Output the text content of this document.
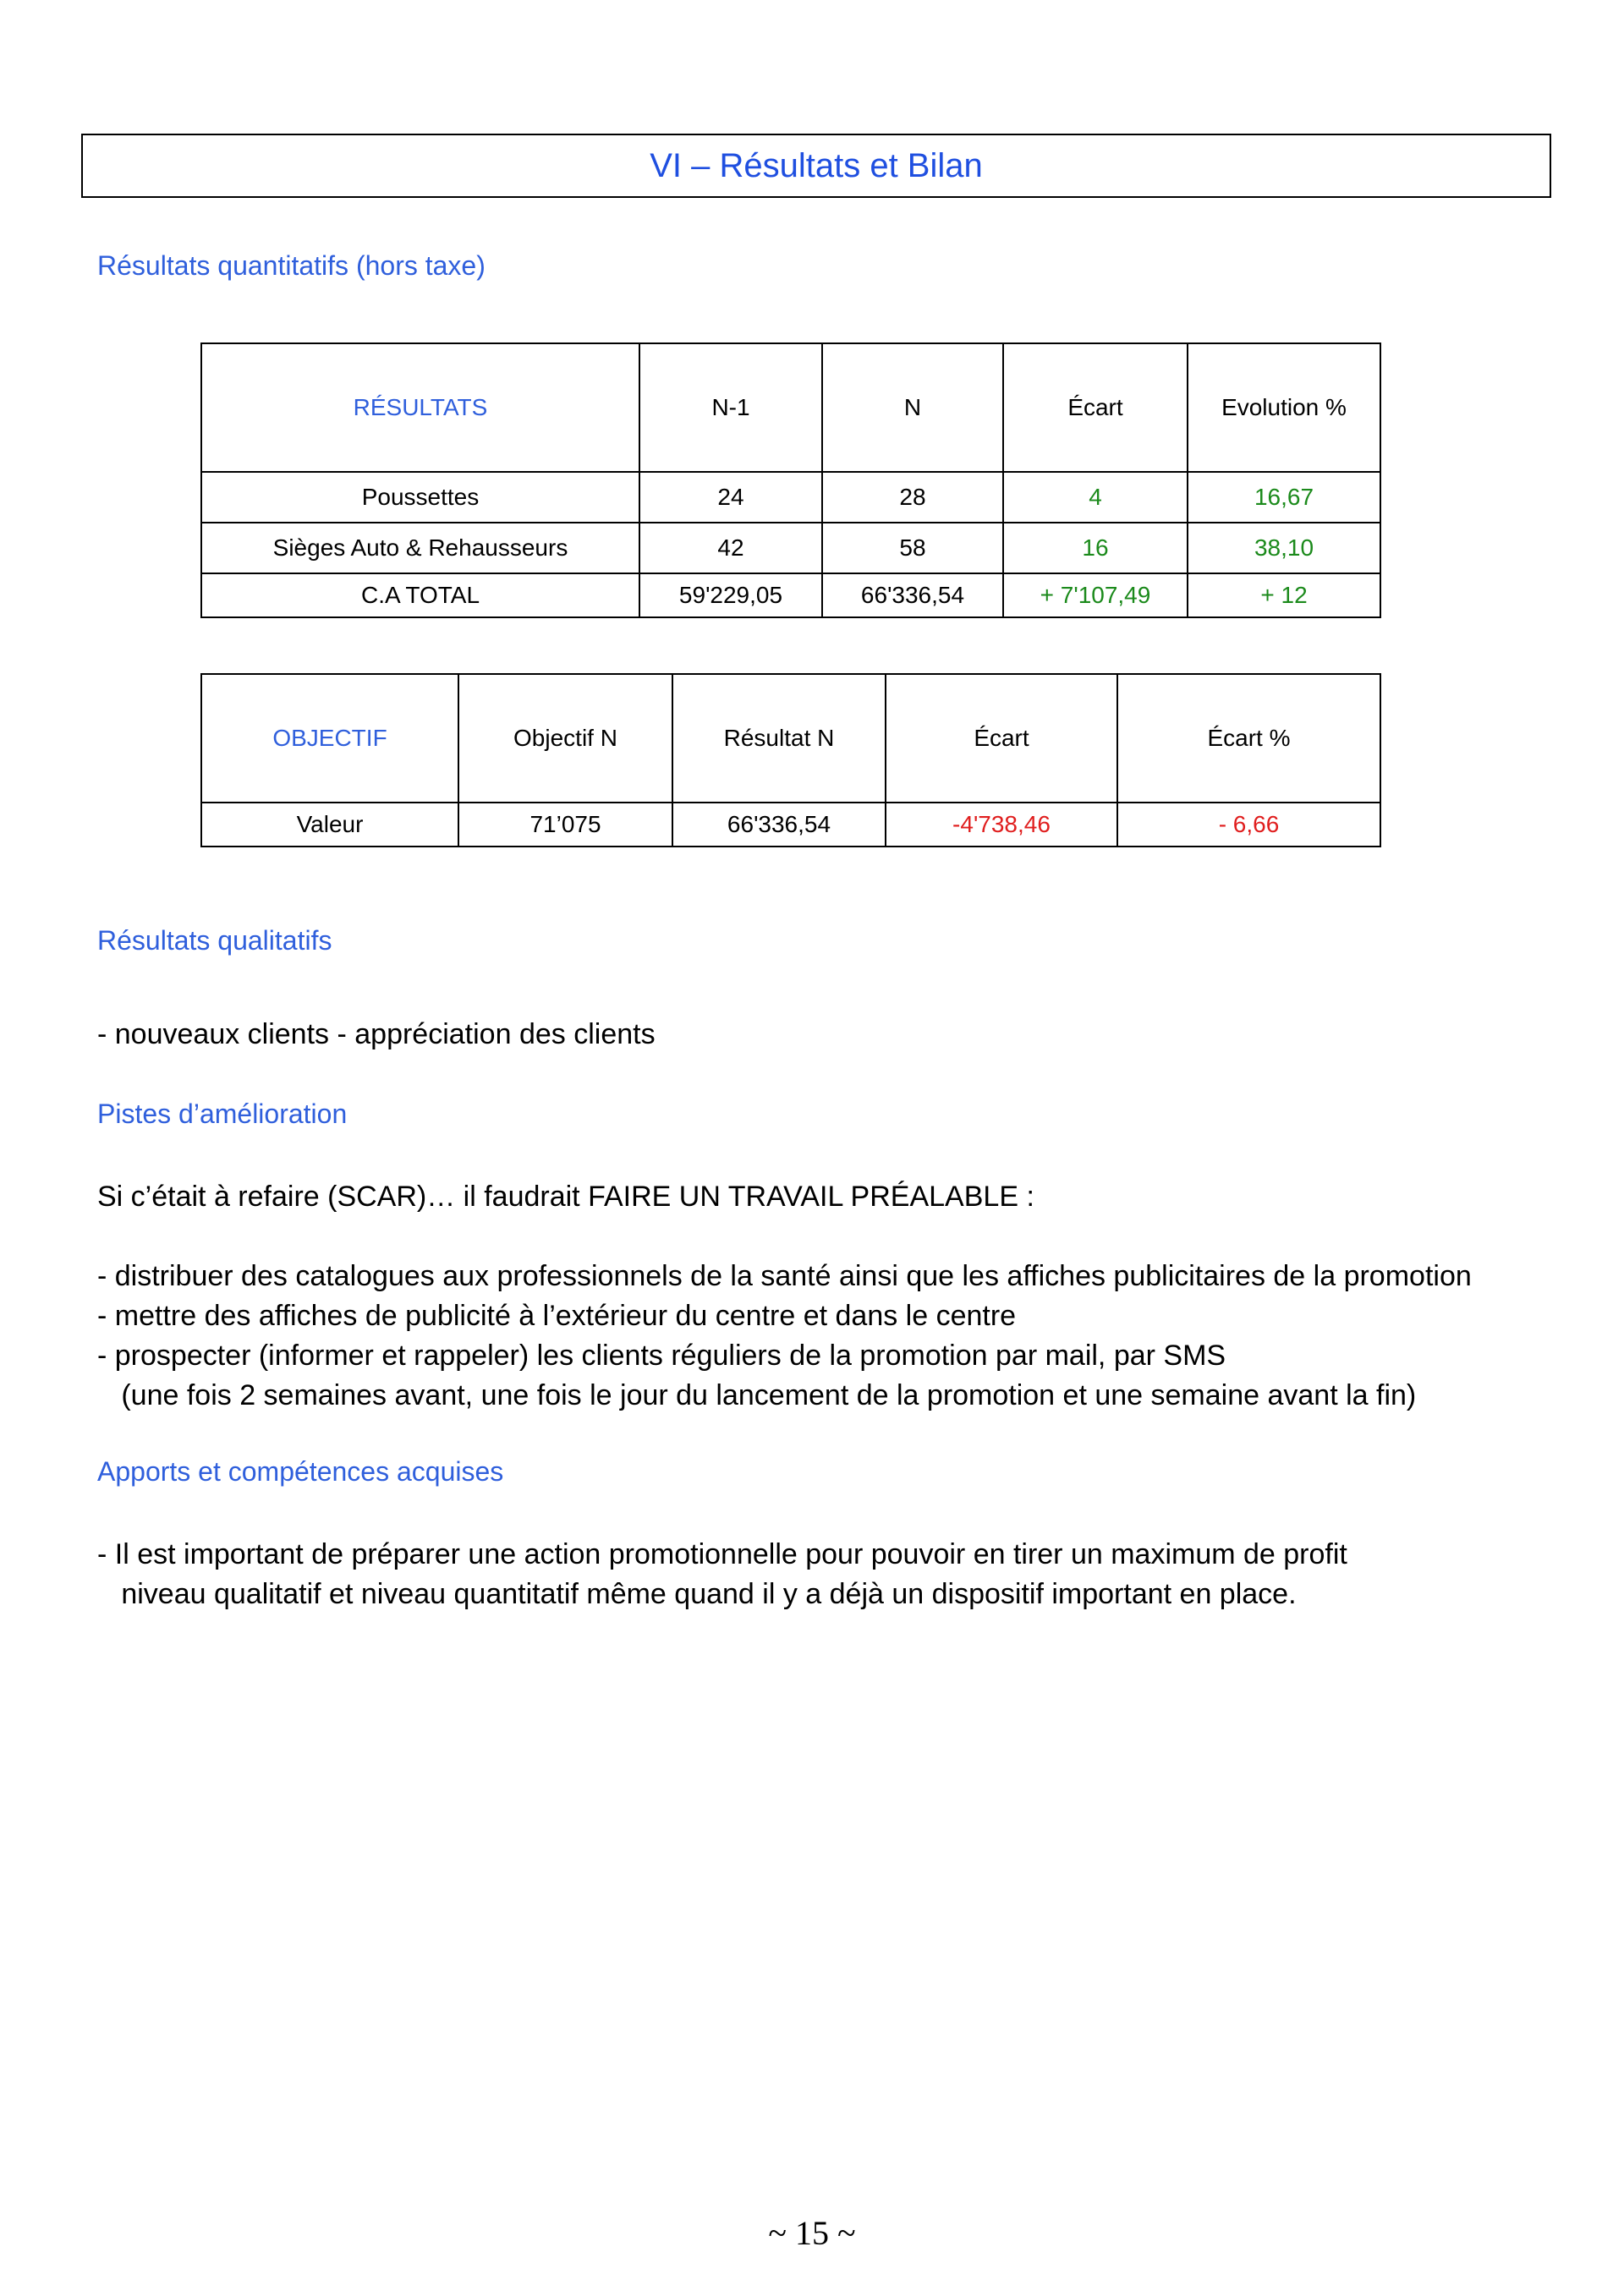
VI – Résultats et Bilan
Résultats quantitatifs (hors taxe)
RÉSULTATS	N-1	N	Écart	Evolution %
Poussettes	24	28	4	16,67
Sièges Auto & Rehausseurs	42	58	16	38,10
C.A TOTAL	59'229,05	66'336,54	+ 7'107,49	+ 12
OBJECTIF	Objectif N	Résultat N	Écart	Écart %
Valeur	71’075	66'336,54	-4'738,46	- 6,66
Résultats qualitatifs
- nouveaux clients - appréciation des clients
Pistes d’amélioration
Si c’était à refaire (SCAR)… il faudrait FAIRE UN TRAVAIL PRÉALABLE :
- distribuer des catalogues aux professionnels de la santé ainsi que les affiches publicitaires de la promotion
- mettre des affiches de publicité à l’extérieur du centre et dans le centre
- prospecter (informer et rappeler) les clients réguliers de la promotion par mail, par SMS
(une fois 2 semaines avant, une fois le jour du lancement de la promotion et une semaine avant la fin)
Apports et compétences acquises
- Il est important de préparer une action promotionnelle pour pouvoir en tirer un maximum de profit
niveau qualitatif et niveau quantitatif même quand il y a déjà un dispositif important en place.
~ 15 ~
